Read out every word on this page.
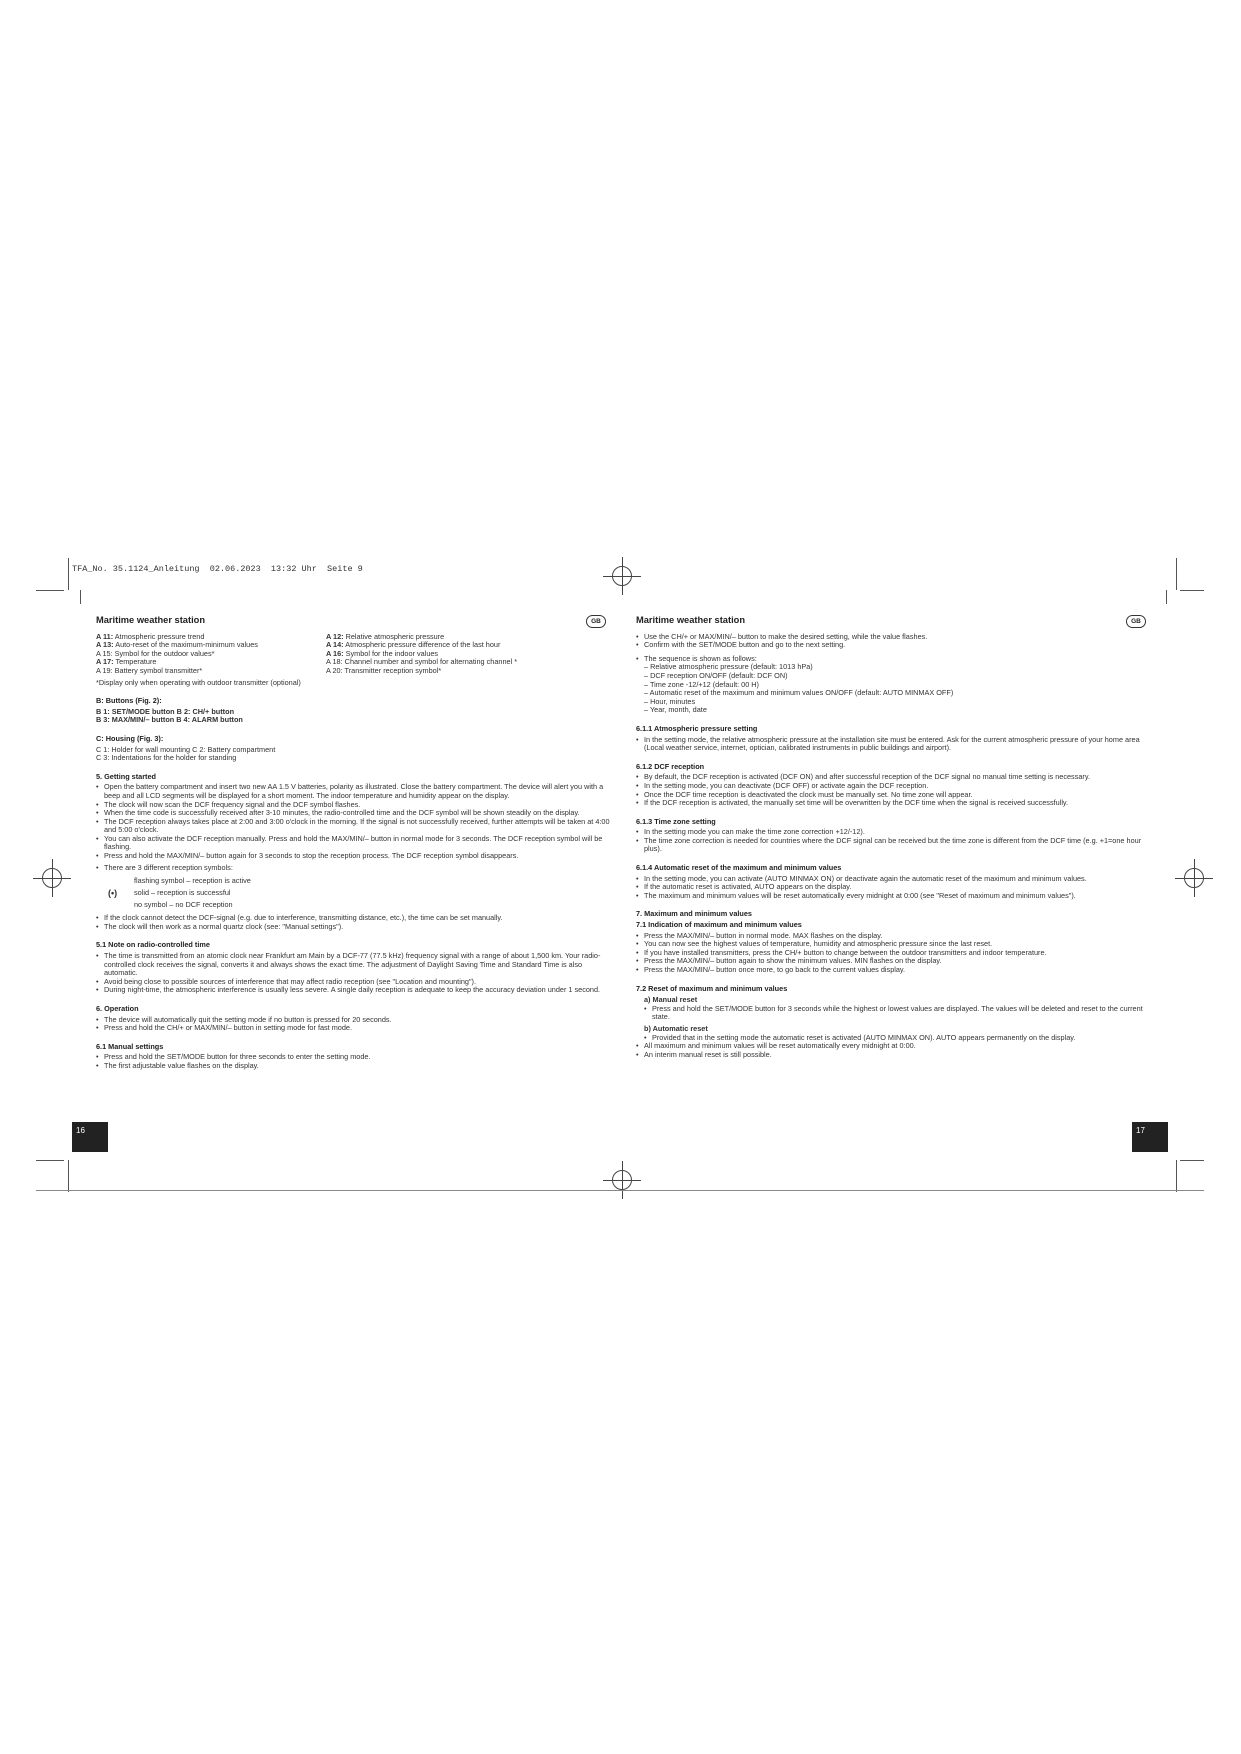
TFA_No. 35.1124_Anleitung  02.06.2023  13:32 Uhr  Seite 9
GB
Maritime weather station
A 11: Atmospheric pressure trend	A 12: Relative atmospheric pressure
A 13: Auto-reset of the maximum-minimum values	A 14: Atmospheric pressure difference of the last hour
A 15: Symbol for the outdoor values*	A 16: Symbol for the indoor values
A 17: Temperature	A 18: Channel number and symbol for alternating channel *
A 19: Battery symbol transmitter*	A 20: Transmitter reception symbol*

*Display only when operating with outdoor transmitter (optional)

B: Buttons (Fig. 2):

B 1: SET/MODE button B 2: CH/+ button

B 3: MAX/MIN/– button B 4: ALARM button

C: Housing (Fig. 3):

C 1: Holder for wall mounting C 2: Battery compartment

C 3: Indentations for the holder for standing

5. Getting started

• Open the battery compartment and insert two new AA 1.5 V batteries, polarity as illustrated. Close the battery compartment. The device will alert you with a beep and all LCD segments will be displayed for a short moment. The indoor temperature and humidity appear on the display.

• The clock will now scan the DCF frequency signal and the DCF symbol flashes.

• When the time code is successfully received after 3-10 minutes, the radio-controlled time and the DCF symbol will be shown steadily on the display.

• The DCF reception always takes place at 2:00 and 3:00 o'clock in the morning. If the signal is not successfully received, further attempts will be taken at 4:00 and 5:00 o'clock.

• You can also activate the DCF reception manually. Press and hold the MAX/MIN/– button in normal mode for 3 seconds. The DCF reception symbol will be flashing.

• Press and hold the MAX/MIN/– button again for 3 seconds to stop the reception process. The DCF reception symbol disappears.

• There are 3 different reception symbols:

(•)
flashing symbol – reception is active
solid – reception is successful
no symbol – no DCF reception

• If the clock cannot detect the DCF-signal (e.g. due to interference, transmitting distance, etc.), the time can be set manually.

• The clock will then work as a normal quartz clock (see: "Manual settings").

5.1 Note on radio-controlled time

• The time is transmitted from an atomic clock near Frankfurt am Main by a DCF-77 (77.5 kHz) frequency signal with a range of about 1,500 km. Your radio-controlled clock receives the signal, converts it and always shows the exact time. The adjustment of Daylight Saving Time and Standard Time is also automatic.

• Avoid being close to possible sources of interference that may affect radio reception (see "Location and mounting").

• During night-time, the atmospheric interference is usually less severe. A single daily reception is adequate to keep the accuracy deviation under 1 second.

6. Operation

• The device will automatically quit the setting mode if no button is pressed for 20 seconds.

• Press and hold the CH/+ or MAX/MIN/– button in setting mode for fast mode.

6.1 Manual settings

• Press and hold the SET/MODE button for three seconds to enter the setting mode.

• The first adjustable value flashes on the display.

16
GB
Maritime weather station

• Use the CH/+ or MAX/MIN/– button to make the desired setting, while the value flashes.

• Confirm with the SET/MODE button and go to the next setting.

• The sequence is shown as follows:

– Relative atmospheric pressure (default: 1013 hPa)

– DCF reception ON/OFF (default: DCF ON)

– Time zone -12/+12 (default: 00 H)

– Automatic reset of the maximum and minimum values ON/OFF (default: AUTO MINMAX OFF)

– Hour, minutes

– Year, month, date

6.1.1 Atmospheric pressure setting

• In the setting mode, the relative atmospheric pressure at the installation site must be entered. Ask for the current atmospheric pressure of your home area (Local weather service, internet, optician, calibrated instruments in public buildings and airport).

6.1.2 DCF reception

• By default, the DCF reception is activated (DCF ON) and after successful reception of the DCF signal no manual time setting is necessary.

• In the setting mode, you can deactivate (DCF OFF) or activate again the DCF reception.

• Once the DCF time reception is deactivated the clock must be manually set. No time zone will appear.

• If the DCF reception is activated, the manually set time will be overwritten by the DCF time when the signal is received successfully.

6.1.3 Time zone setting

• In the setting mode you can make the time zone correction +12/-12).

• The time zone correction is needed for countries where the DCF signal can be received but the time zone is different from the DCF time (e.g. +1=one hour plus).

6.1.4 Automatic reset of the maximum and minimum values

• In the setting mode, you can activate (AUTO MINMAX ON) or deactivate again the automatic reset of the maximum and minimum values.

• If the automatic reset is activated, AUTO appears on the display.

• The maximum and minimum values will be reset automatically every midnight at 0:00 (see "Reset of maximum and minimum values").

7. Maximum and minimum values
7.1 Indication of maximum and minimum values

• Press the MAX/MIN/– button in normal mode. MAX flashes on the display.

• You can now see the highest values of temperature, humidity and atmospheric pressure since the last reset.

• If you have installed transmitters, press the CH/+ button to change between the outdoor transmitters and indoor temperature.

• Press the MAX/MIN/– button again to show the minimum values. MIN flashes on the display.

• Press the MAX/MIN/– button once more, to go back to the current values display.

7.2 Reset of maximum and minimum values
a) Manual reset

• Press and hold the SET/MODE button for 3 seconds while the highest or lowest values are displayed. The values will be deleted and reset to the current state.

b) Automatic reset

• Provided that in the setting mode the automatic reset is activated (AUTO MINMAX ON). AUTO appears permanently on the display.

• All maximum and minimum values will be reset automatically every midnight at 0:00.

• An interim manual reset is still possible.

17
